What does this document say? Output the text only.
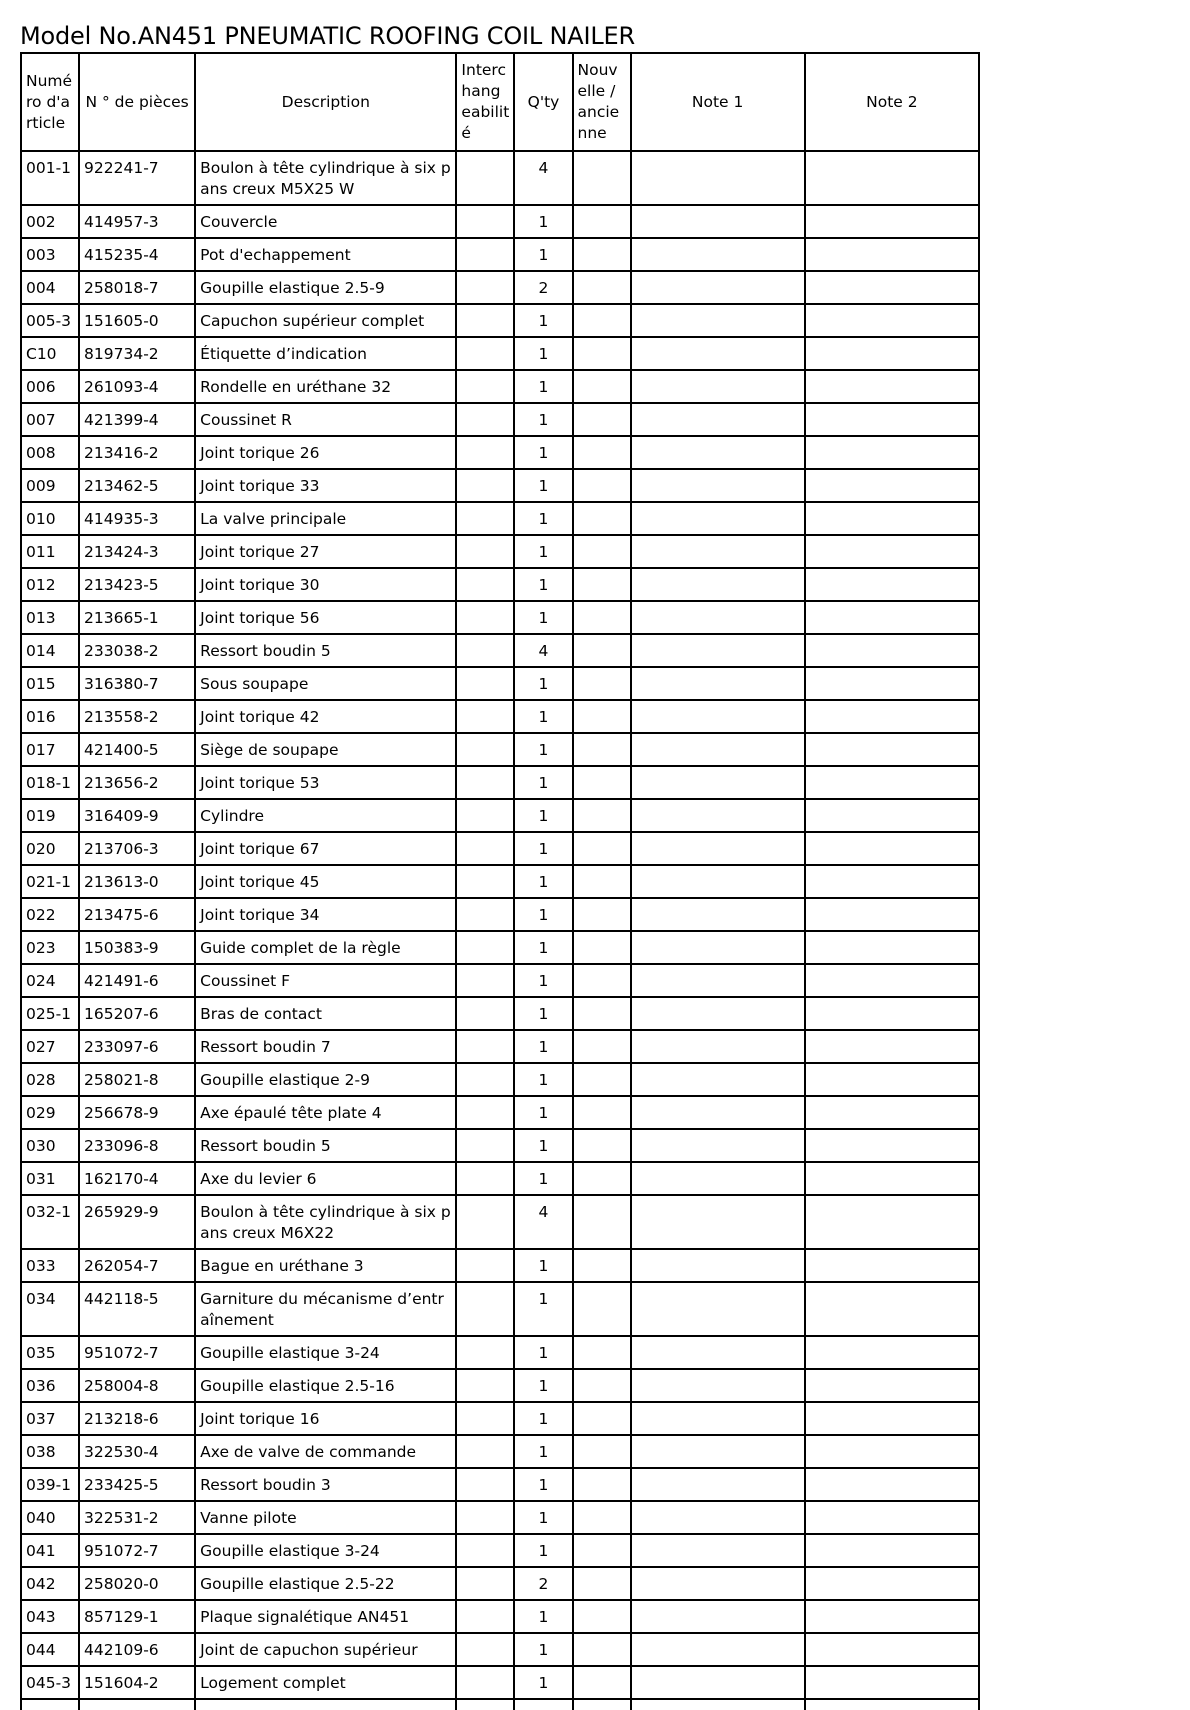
Model No.AN451 PNEUMATIC ROOFING COIL NAILER
Numéro d'article	N ° de pièces	Description	Interchangeabilité	Q'ty	Nouvelle / ancienne	Note 1	Note 2
001-1	922241-7	Boulon à tête cylindrique à six pans creux M5X25 W		4			
002	414957-3	Couvercle		1			
003	415235-4	Pot d'echappement		1			
004	258018-7	Goupille elastique 2.5-9		2			
005-3	151605-0	Capuchon supérieur complet		1			
C10	819734-2	Étiquette d’indication		1			
006	261093-4	Rondelle en uréthane 32		1			
007	421399-4	Coussinet R		1			
008	213416-2	Joint torique 26		1			
009	213462-5	Joint torique 33		1			
010	414935-3	La valve principale		1			
011	213424-3	Joint torique 27		1			
012	213423-5	Joint torique 30		1			
013	213665-1	Joint torique 56		1			
014	233038-2	Ressort boudin 5		4			
015	316380-7	Sous soupape		1			
016	213558-2	Joint torique 42		1			
017	421400-5	Siège de soupape		1			
018-1	213656-2	Joint torique 53		1			
019	316409-9	Cylindre		1			
020	213706-3	Joint torique 67		1			
021-1	213613-0	Joint torique 45		1			
022	213475-6	Joint torique 34		1			
023	150383-9	Guide complet de la règle		1			
024	421491-6	Coussinet F		1			
025-1	165207-6	Bras de contact		1			
027	233097-6	Ressort boudin 7		1			
028	258021-8	Goupille elastique 2-9		1			
029	256678-9	Axe épaulé tête plate 4		1			
030	233096-8	Ressort boudin 5		1			
031	162170-4	Axe du levier 6		1			
032-1	265929-9	Boulon à tête cylindrique à six pans creux M6X22		4			
033	262054-7	Bague en uréthane 3		1			
034	442118-5	Garniture du mécanisme d’entraînement		1			
035	951072-7	Goupille elastique 3-24		1			
036	258004-8	Goupille elastique 2.5-16		1			
037	213218-6	Joint torique 16		1			
038	322530-4	Axe de valve de commande		1			
039-1	233425-5	Ressort boudin 3		1			
040	322531-2	Vanne pilote		1			
041	951072-7	Goupille elastique 3-24		1			
042	258020-0	Goupille elastique 2.5-22		2			
043	857129-1	Plaque signalétique AN451		1			
044	442109-6	Joint de capuchon supérieur		1			
045-3	151604-2	Logement complet		1			
